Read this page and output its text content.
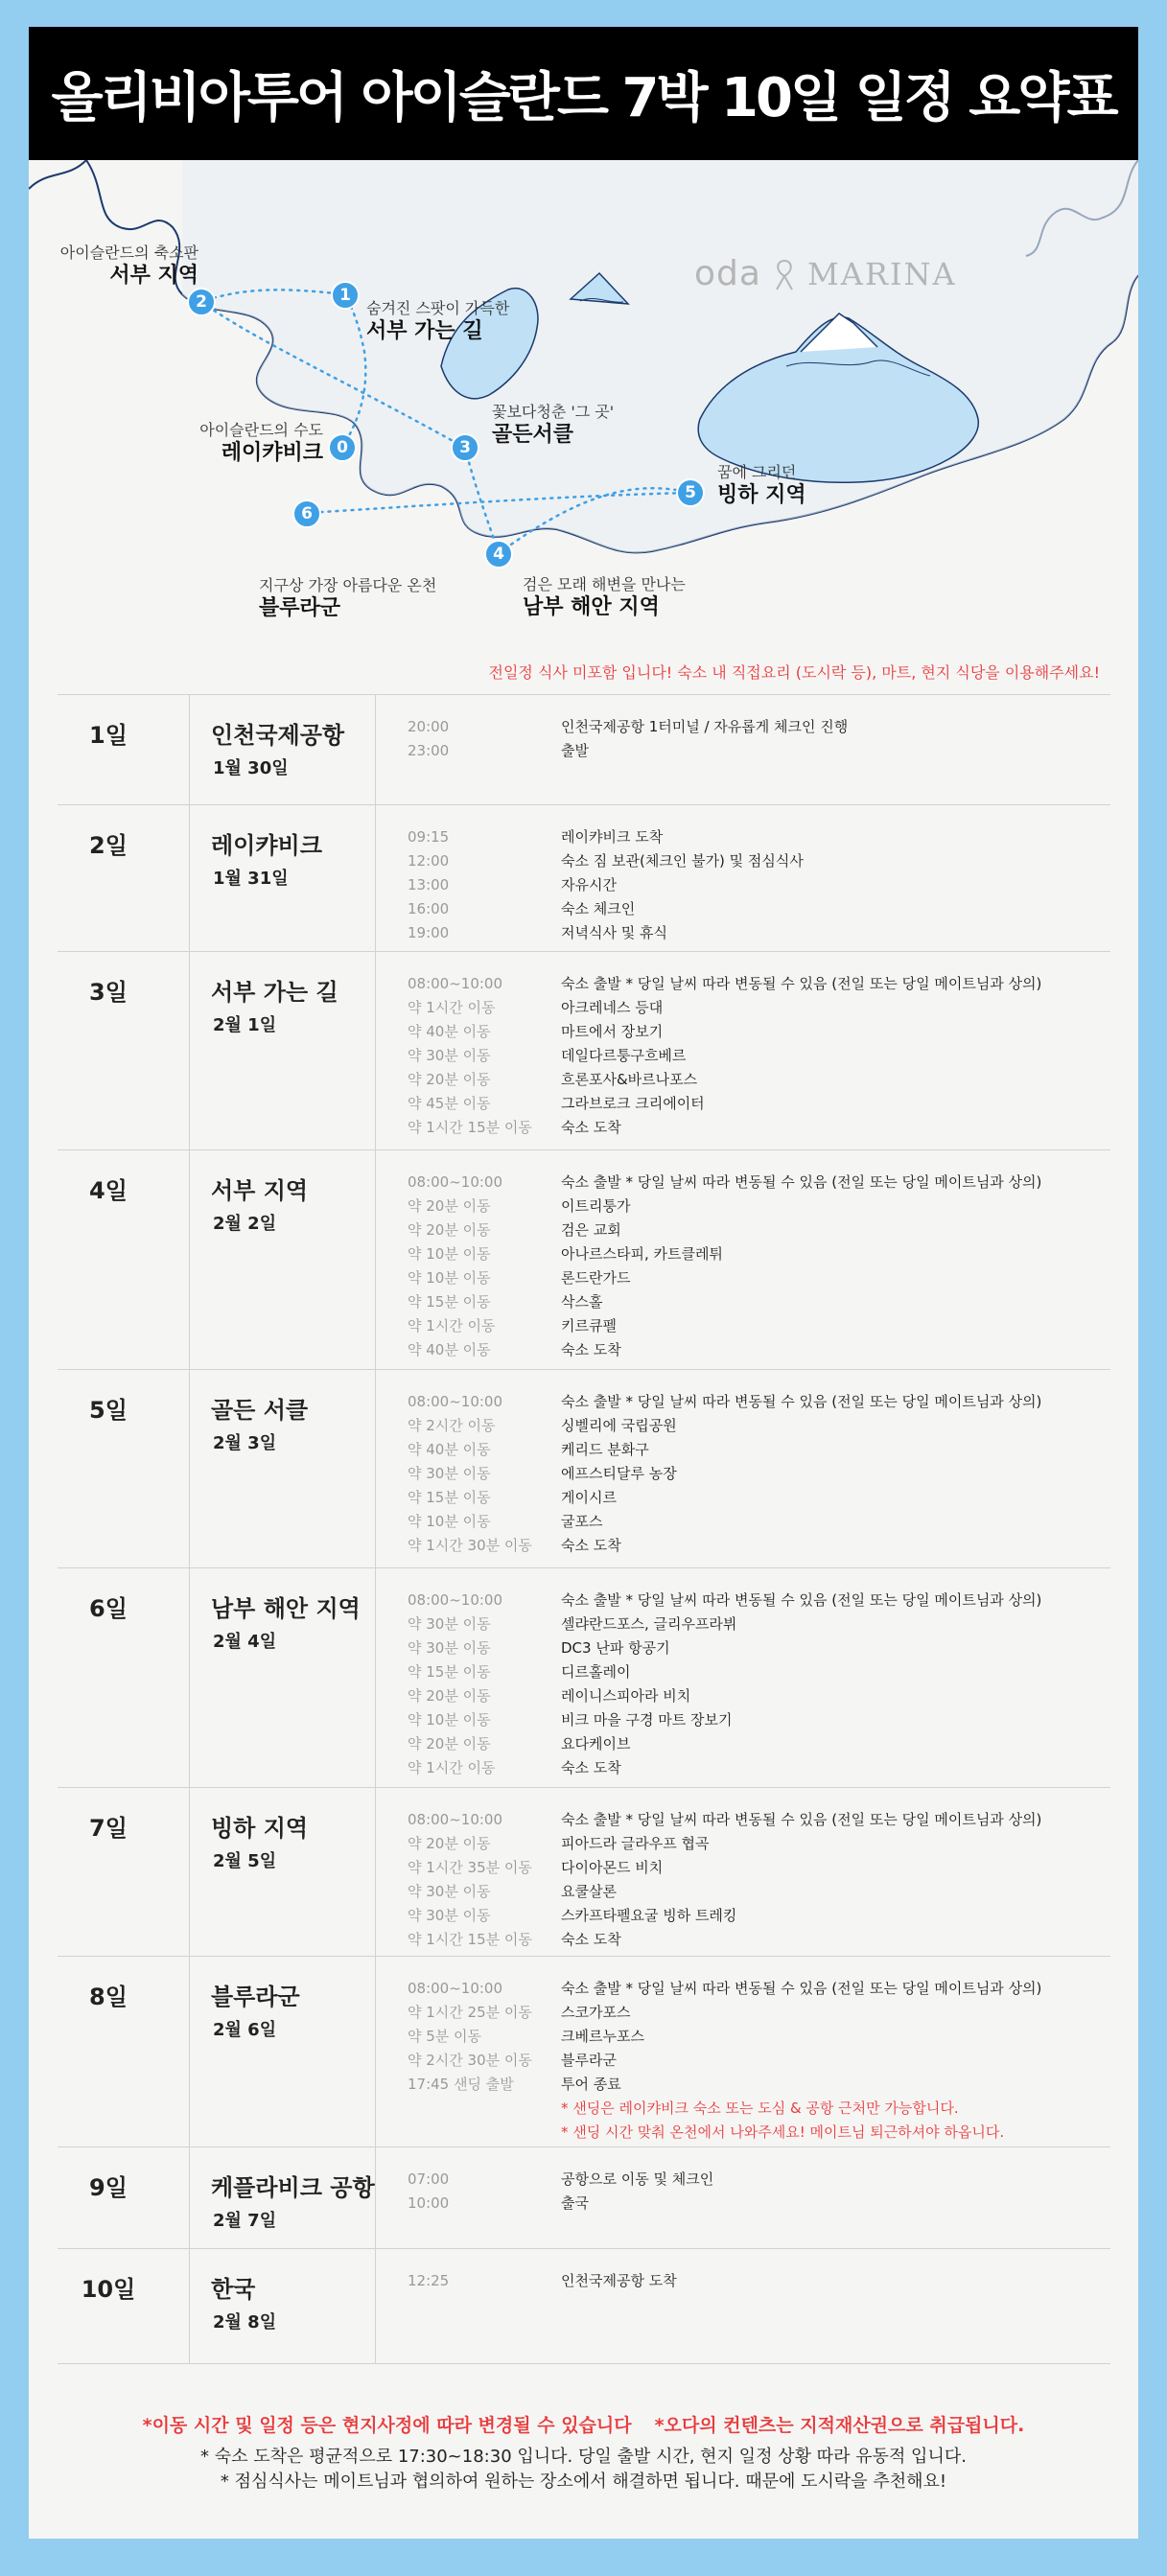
올리비아투어 아이슬란드 7박 10일 일정 요약표
oda MARINA
0
1
2
3
4
5
6
아이슬란드의 수도
레이캬비크
숨겨진 스팟이 가득한
서부 가는 길
아이슬란드의 축소판
서부 지역
꽃보다청춘 '그 곳'
골든서클
검은 모래 해변을 만나는
남부 해안 지역
꿈에 그리던
빙하 지역
지구상 가장 아름다운 온천
블루라군
전일정 식사 미포함 입니다! 숙소 내 직접요리 (도시락 등), 마트, 현지 식당을 이용해주세요!
1일	인천국제공항
1월 30일
20:00	인천국제공항 1터미널 / 자유롭게 체크인 진행
23:00	출발
2일	레이캬비크
1월 31일
09:15	레이캬비크 도착
12:00	숙소 짐 보관(체크인 불가) 및 점심식사
13:00	자유시간
16:00	숙소 체크인
19:00	저녁식사 및 휴식
3일	서부 가는 길
2월 1일
08:00~10:00	숙소 출발 * 당일 날씨 따라 변동될 수 있음 (전일 또는 당일 메이트님과 상의)
약 1시간 이동	아크레네스 등대
약 40분 이동	마트에서 장보기
약 30분 이동	데일다르퉁구흐베르
약 20분 이동	흐론포사&바르나포스
약 45분 이동	그라브로크 크리에이터
약 1시간 15분 이동	숙소 도착
4일	서부 지역
2월 2일
08:00~10:00	숙소 출발 * 당일 날씨 따라 변동될 수 있음 (전일 또는 당일 메이트님과 상의)
약 20분 이동	이트리퉁가
약 20분 이동	검은 교회
약 10분 이동	아나르스타피, 카트클레튀
약 10분 이동	론드란가드
약 15분 이동	삭스홀
약 1시간 이동	키르큐펠
약 40분 이동	숙소 도착
5일	골든 서클
2월 3일
08:00~10:00	숙소 출발 * 당일 날씨 따라 변동될 수 있음 (전일 또는 당일 메이트님과 상의)
약 2시간 이동	싱벨리에 국립공원
약 40분 이동	케리드 분화구
약 30분 이동	에프스티달루 농장
약 15분 이동	게이시르
약 10분 이동	굴포스
약 1시간 30분 이동	숙소 도착
6일	남부 해안 지역
2월 4일
08:00~10:00	숙소 출발 * 당일 날씨 따라 변동될 수 있음 (전일 또는 당일 메이트님과 상의)
약 30분 이동	셀랴란드포스, 글리우프라뷔
약 30분 이동	DC3 난파 항공기
약 15분 이동	디르홀레이
약 20분 이동	레이니스피아라 비치
약 10분 이동	비크 마을 구경 마트 장보기
약 20분 이동	요다케이브
약 1시간 이동	숙소 도착
7일	빙하 지역
2월 5일
08:00~10:00	숙소 출발 * 당일 날씨 따라 변동될 수 있음 (전일 또는 당일 메이트님과 상의)
약 20분 이동	피아드라 글라우프 협곡
약 1시간 35분 이동	다이아몬드 비치
약 30분 이동	요쿨살론
약 30분 이동	스카프타펠요굴 빙하 트레킹
약 1시간 15분 이동	숙소 도착
8일	블루라군
2월 6일
08:00~10:00	숙소 출발 * 당일 날씨 따라 변동될 수 있음 (전일 또는 당일 메이트님과 상의)
약 1시간 25분 이동	스코가포스
약 5분 이동	크베르누포스
약 2시간 30분 이동	블루라군
17:45 샌딩 출발	투어 종료
* 샌딩은 레이캬비크 숙소 또는 도심 & 공항 근처만 가능합니다.
* 샌딩 시간 맞춰 온천에서 나와주세요! 메이트님 퇴근하셔야 하옵니다.
9일	케플라비크 공항
2월 7일
07:00	공항으로 이동 및 체크인
10:00	출국
10일	한국
2월 8일
12:25	인천국제공항 도착
*이동 시간 및 일정 등은 현지사정에 따라 변경될 수 있습니다 *오다의 컨텐츠는 지적재산권으로 취급됩니다.
* 숙소 도착은 평균적으로 17:30~18:30 입니다. 당일 출발 시간, 현지 일정 상황 따라 유동적 입니다.
* 점심식사는 메이트님과 협의하여 원하는 장소에서 해결하면 됩니다. 때문에 도시락을 추천해요!
